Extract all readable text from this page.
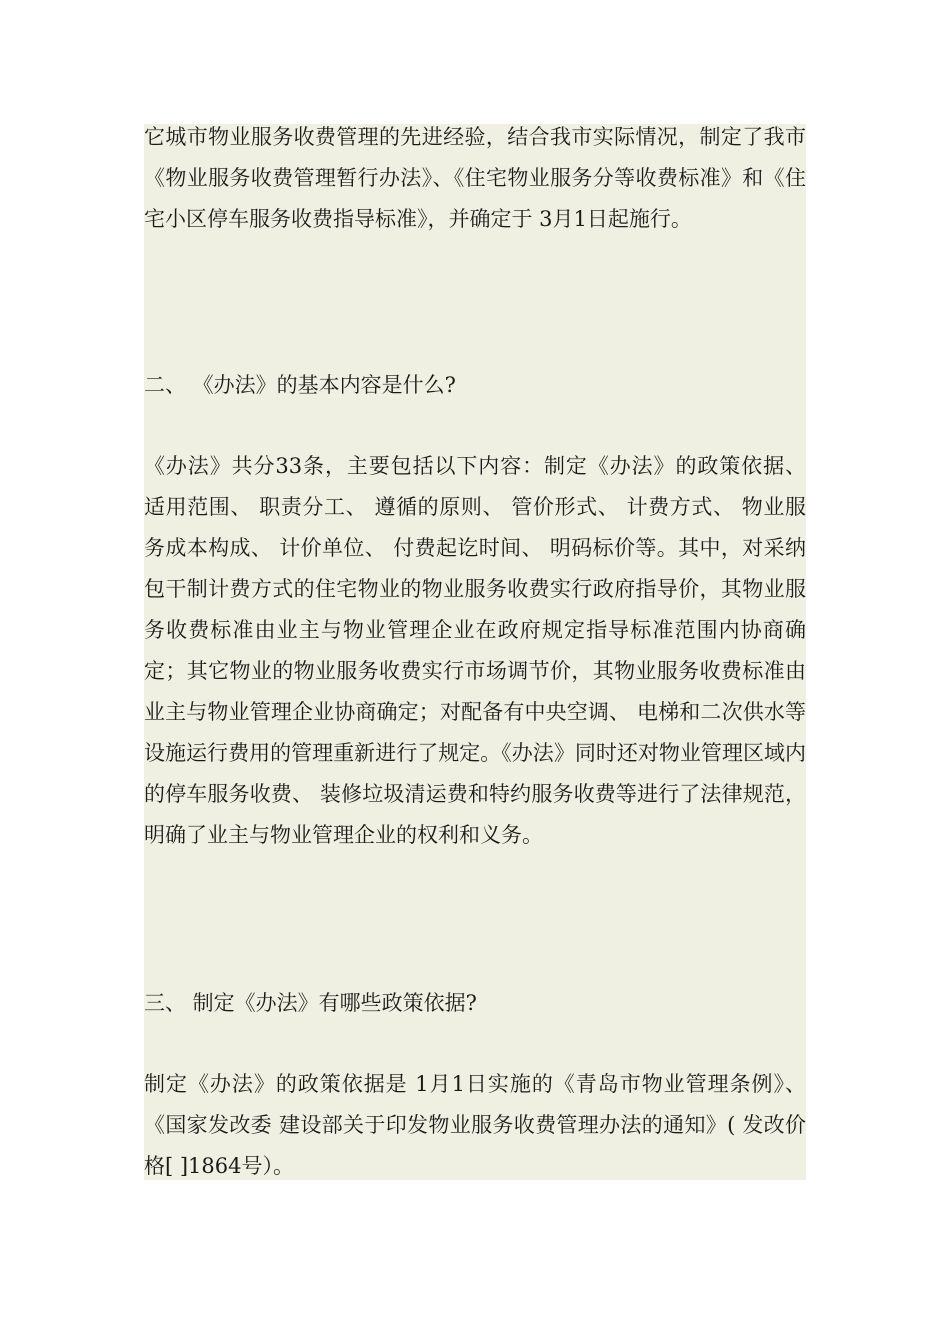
它城市物业服务收费管理的先进经验，结合我市实际情况，制定了我市《物业服务收费管理暂行办法》、《住宅物业服务分等收费标准》和《住宅小区停车服务收费指导标准》，并确定于 3月1日起施行。

二、 《办法》的基本内容是什么?

《办法》共分33条，主要包括以下内容：制定《办法》的政策依据、 适用范围、 职责分工、 遵循的原则、 管价形式、 计费方式、 物业服务成本构成、 计价单位、 付费起讫时间、 明码标价等。其中，对采纳包干制计费方式的住宅物业的物业服务收费实行政府指导价，其物业服务收费标准由业主与物业管理企业在政府规定指导标准范围内协商确定；其它物业的物业服务收费实行市场调节价，其物业服务收费标准由业主与物业管理企业协商确定；对配备有中央空调、 电梯和二次供水等设施运行费用的管理重新进行了规定。《办法》同时还对物业管理区域内的停车服务收费、 装修垃圾清运费和特约服务收费等进行了法律规范，明确了业主与物业管理企业的权利和义务。

三、 制定《办法》有哪些政策依据?

制定《办法》的政策依据是 1月1日实施的《青岛市物业管理条例》、《国家发改委 建设部关于印发物业服务收费管理办法的通知》( 发改价格[ ]1864号）。
